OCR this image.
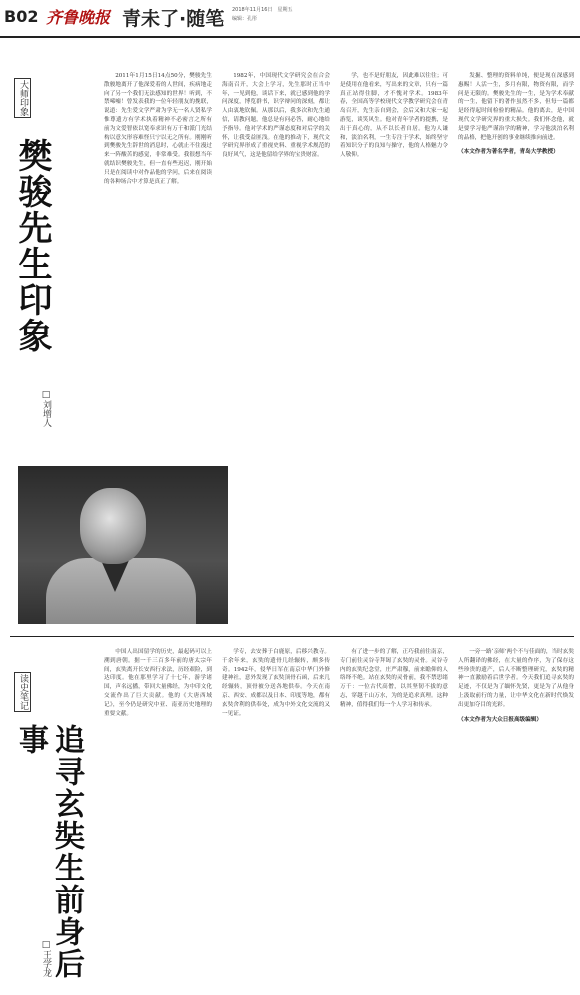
B02 齐鲁晚报 青未了·随笔 2018年11月16日　星期五
编辑：孔彤
大师印象
樊骏先生印象
□刘增人

2011年1月15日14点50分，樊骏先生散骏地离开了他深爱着的人世间，疾病地走向了另一个我们无法感知的世界！听到，不禁唏嘘！曾发表我的一位年轻朋友的挽联，说道：先生爱文学严肃为学无一名人贤私学惟尊遗方有学术执着精神不必密言之所有　前为文爱智依以宽奉求识有万千和派门光结构以意欠形容难怪只宁以无之所有。刚刚听到樊骏先生辞世的消息时，心就止不住漫过来一阵酸苦的感觉，非常难受。我很想当年就结识樊骏先生，但一直有些迟迟，刚开始只是在阅读中对作品他的学问，后来在阅读的各种场合中才算是真正了解。

1982年，中国现代文学研究会在合会海南召开，大会上学习，先生那时正当中年，一见到他，谈话下来，就已感到他的学问深度，博览群书，识学辩问的深刻，都让人由衷地钦佩。从那以后，我多次和先生通信，请教问题，他总是有问必答，耐心地给予指导。他对学术的严谨态度和对后学的关怀，让我受益匪浅。在他的推动下，现代文学研究界形成了重视史料、重视学术规范的良好风气，这是他留给学界的宝贵财富。

学，也不是好朋友，因此难以往往；可是使用在他看来，写出来的文章，只有一篇真正站得住脚，才不愧对学术。1983年春，全国高等学校现代文学教学研究会在青岛召开，先生亲自到会，会后又和大家一起游览，谈笑风生。他对青年学者的提携，是出于真心的，从不以长者自居。他为人谦和，淡泊名利，一生专注于学术，始终坚守着知识分子的良知与操守，他的人格魅力令人敬仰。

发掘、整理的资料单纯，便是现在深感到惠赐！人活一生，多月有限，物资有限，而学问是无限的。樊骏先生的一生，是为学术奉献的一生，他留下的著作虽然不多，但每一篇都是经得起时间检验的精品。他的离去，是中国现代文学研究界的重大损失。我们怀念他，就是要学习他严谨治学的精神，学习他淡泊名利的品格，把他开创的事业继续推向前进。

（本文作者为著名学者，青岛大学教授）

读史笔记
追寻玄奘生前身后事
□王学龙

中国人出国留学的历史，最起码可以上溯到唐朝。据一千三百多年前的唐太宗年间，玄奘离开长安西行求法，历经艰险，到达印度。他在那里学习了十七年，游学诸国，声名远播，带回大量佛经，为中印文化交流作出了巨大贡献。他的《大唐西域记》，至今仍是研究中亚、南亚历史地理的重要文献。

学专，去安葬于白鹿原，后移兴教寺。千余年来，玄奘的遗骨几经辗转，颇多传奇。1942年，侵华日军在南京中华门外修建神社，意外发现了玄奘顶骨石函，后来几经辗转，顶骨被分送各地供奉。今天在南京、西安、成都以及日本、印度等地，都有玄奘舍利的供奉处，成为中外文化交流的又一见证。

有了进一步的了解，正巧我前往南京，专门前往灵谷寺拜谒了玄奘的灵骨。灵谷寺内的玄奘纪念堂，庄严肃穆，前来瞻仰的人络绎不绝。站在玄奘的灵骨前，我不禁思绪万千：一位古代高僧，以其坚韧不拔的意志，穿越千山万水，为的是追求真理。这种精神，值得我们每一个人学习和传承。

一旁一路‘亲师’两个不与佳面的，当时玄奘人所翻译的佛经，在大量的作序，为了保存这些珍贵的遗产，后人不断整理研究，玄奘的精神一直激励着后世学者。今天我们追寻玄奘的足迹，不仅是为了缅怀先贤，更是为了从他身上汲取前行的力量，让中华文化在新时代焕发出更加夺目的光彩。

（本文作者为大众日报高级编辑）
